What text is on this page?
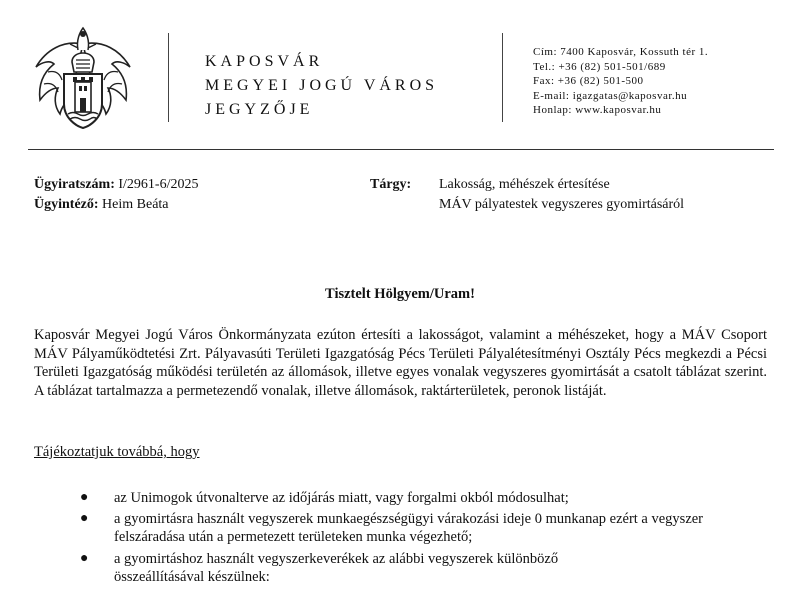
KAPOSVÁR
MEGYEI JOGÚ VÁROS
JEGYZŐJE
Cím: 7400 Kaposvár, Kossuth tér 1.
Tel.: +36 (82) 501-501/689
Fax: +36 (82) 501-500
E-mail: igazgatas@kaposvar.hu
Honlap: www.kaposvar.hu
Ügyiratszám: I/2961-6/2025
Ügyintéző: Heim Beáta
Tárgy: Lakosság, méhészek értesítése
MÁV pályatestek vegyszeres gyomirtásáról
Tisztelt Hölgyem/Uram!
Kaposvár Megyei Jogú Város Önkormányzata ezúton értesíti a lakosságot, valamint a méhészeket, hogy a MÁV Csoport MÁV Pályaműködtetési Zrt. Pályavasúti Területi Igazgatóság Pécs Területi Pályalétesítményi Osztály Pécs megkezdi a Pécsi Területi Igazgatóság működési területén az állomások, illetve egyes vonalak vegyszeres gyomirtását a csatolt táblázat szerint. A táblázat tartalmazza a permetezendő vonalak, illetve állomások, raktárterületek, peronok listáját.
Tájékoztatjuk továbbá, hogy
● az Unimogok útvonalterve az időjárás miatt, vagy forgalmi okból módosulhat;
● a gyomirtásra használt vegyszerek munkaegészségügyi várakozási ideje 0 munkanap ezért a vegyszer felszáradása után a permetezett területeken munka végezhető;
● a gyomirtáshoz használt vegyszerkeverékek az alábbi vegyszerek különböző összeállításával készülnek:
